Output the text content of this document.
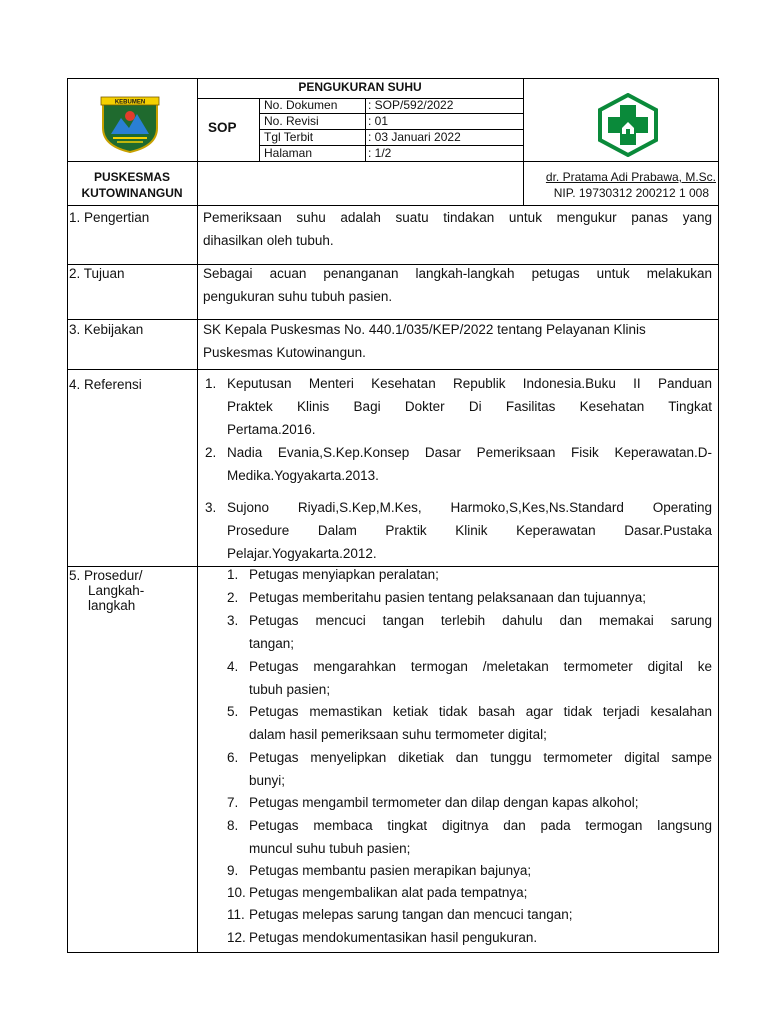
PENGUKURAN SUHU
SOP
No. Dokumen	: SOP/592/2022
No. Revisi	: 01
Tgl Terbit	: 03 Januari 2022
Halaman	: 1/2
KEBUMEN
PUSKESMAS
KUTOWINANGUN
dr. Pratama Adi Prabawa, M.Sc.
NIP. 19730312 200212 1 008
1. Pengertian	Pemeriksaan suhu adalah suatu tindakan untuk mengukur panas yang
dihasilkan oleh tubuh.
2. Tujuan	Sebagai acuan penanganan langkah-langkah petugas untuk melakukan
pengukuran suhu tubuh pasien.
3. Kebijakan	SK Kepala Puskesmas No. 440.1/035/KEP/2022 tentang Pelayanan Klinis
Puskesmas Kutowinangun.
4. Referensi	1. Keputusan Menteri Kesehatan Republik Indonesia.Buku II Panduan
Praktek Klinis Bagi Dokter Di Fasilitas Kesehatan Tingkat
Pertama.2016.
2. Nadia Evania,S.Kep.Konsep Dasar Pemeriksaan Fisik Keperawatan.D-
Medika.Yogyakarta.2013.
3. Sujono Riyadi,S.Kep,M.Kes, Harmoko,S,Kes,Ns.Standard Operating
Prosedure Dalam Praktik Klinik Keperawatan Dasar.Pustaka
Pelajar.Yogyakarta.2012.
5. Prosedur/
Langkah-
langkah
1. Petugas menyiapkan peralatan;
2. Petugas memberitahu pasien tentang pelaksanaan dan tujuannya;
3. Petugas mencuci tangan terlebih dahulu dan memakai sarung
tangan;
4. Petugas mengarahkan termogan /meletakan termometer digital ke
tubuh pasien;
5. Petugas memastikan ketiak tidak basah agar tidak terjadi kesalahan
dalam hasil pemeriksaan suhu termometer digital;
6. Petugas menyelipkan diketiak dan tunggu termometer digital sampe
bunyi;
7. Petugas mengambil termometer dan dilap dengan kapas alkohol;
8. Petugas membaca tingkat digitnya dan pada termogan langsung
muncul suhu tubuh pasien;
9. Petugas membantu pasien merapikan bajunya;
10. Petugas mengembalikan alat pada tempatnya;
11. Petugas melepas sarung tangan dan mencuci tangan;
12. Petugas mendokumentasikan hasil pengukuran.
